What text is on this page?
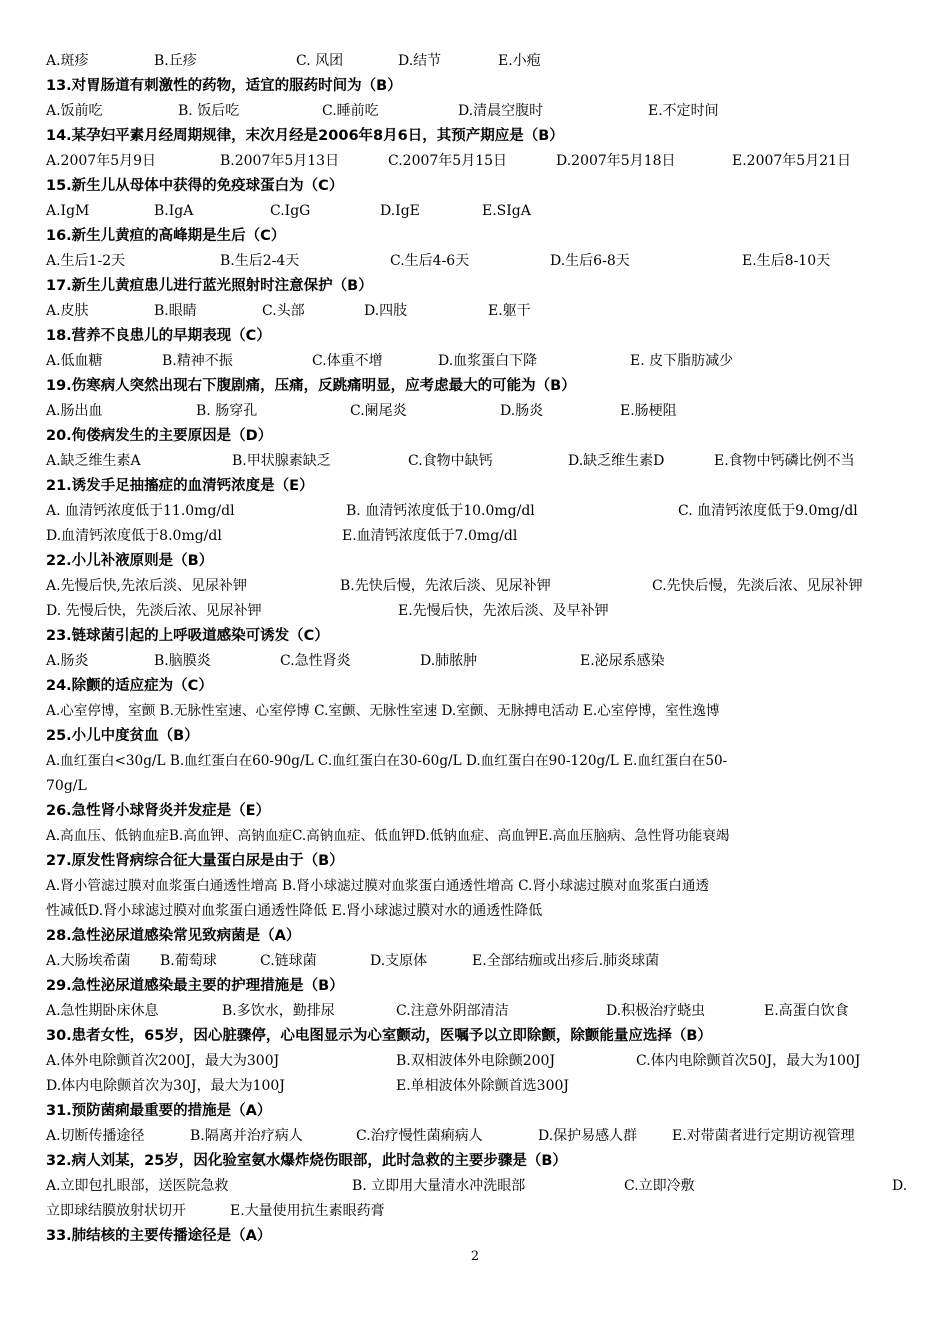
A.斑疹	B.丘疹	C. 风团	D.结节	E.小疱
13.对胃肠道有刺激性的药物，适宜的服药时间为（B）
A.饭前吃	B. 饭后吃	C.睡前吃	D.清晨空腹时	E.不定时间
14.某孕妇平素月经周期规律，末次月经是2006年8月6日，其预产期应是（B）
A.2007年5月9日	B.2007年5月13日	C.2007年5月15日	D.2007年5月18日	E.2007年5月21日
15.新生儿从母体中获得的免疫球蛋白为（C）
A.IgM	B.IgA	C.IgG	D.IgE	E.SIgA
16.新生儿黄疸的高峰期是生后（C）
A.生后1-2天	B.生后2-4天	C.生后4-6天	D.生后6-8天	E.生后8-10天
17.新生儿黄疸患儿进行蓝光照射时注意保护（B）
A.皮肤	B.眼睛	C.头部	D.四肢	E.躯干
18.营养不良患儿的早期表现（C）
A.低血糖	B.精神不振	C.体重不增	D.血浆蛋白下降	E. 皮下脂肪减少
19.伤寒病人突然出现右下腹剧痛，压痛，反跳痛明显，应考虑最大的可能为（B）
A.肠出血	B. 肠穿孔	C.阑尾炎	D.肠炎	E.肠梗阻
20.佝偻病发生的主要原因是（D）
A.缺乏维生素A	B.甲状腺素缺乏	C.食物中缺钙	D.缺乏维生素D	E.食物中钙磷比例不当
21.诱发手足抽搐症的血清钙浓度是（E）
A. 血清钙浓度低于11.0mg/dl	B. 血清钙浓度低于10.0mg/dl	C. 血清钙浓度低于9.0mg/dl
D.血清钙浓度低于8.0mg/dl	E.血清钙浓度低于7.0mg/dl
22.小儿补液原则是（B）
A.先慢后快,先浓后淡、见尿补钾	B.先快后慢，先浓后淡、见尿补钾	C.先快后慢，先淡后浓、见尿补钾
D. 先慢后快，先淡后浓、见尿补钾	E.先慢后快，先浓后淡、及早补钾
23.链球菌引起的上呼吸道感染可诱发（C）
A.肠炎	B.脑膜炎	C.急性肾炎	D.肺脓肿	E.泌尿系感染
24.除颤的适应症为（C）
A.心室停博，室颤 B.无脉性室速、心室停博 C.室颤、无脉性室速 D.室颤、无脉搏电活动 E.心室停博，室性逸博
25.小儿中度贫血（B）
A.血红蛋白<30g/L B.血红蛋白在60-90g/L C.血红蛋白在30-60g/L D.血红蛋白在90-120g/L E.血红蛋白在50-
70g/L
26.急性肾小球肾炎并发症是（E）
A.高血压、低钠血症B.高血钾、高钠血症C.高钠血症、低血钾D.低钠血症、高血钾E.高血压脑病、急性肾功能衰竭
27.原发性肾病综合征大量蛋白尿是由于（B）
A.肾小管滤过膜对血浆蛋白通透性增高 B.肾小球滤过膜对血浆蛋白通透性增高 C.肾小球滤过膜对血浆蛋白通透
性减低D.肾小球滤过膜对血浆蛋白通透性降低 E.肾小球滤过膜对水的通透性降低
28.急性泌尿道感染常见致病菌是（A）
A.大肠埃希菌 B.葡萄球	C.链球菌	D.支原体	E.全部结痂或出疹后.肺炎球菌
29.急性泌尿道感染最主要的护理措施是（B）
A.急性期卧床休息	B.多饮水，勤排尿	C.注意外阴部清洁	D.积极治疗蛲虫	E.高蛋白饮食
30.患者女性，65岁，因心脏骤停，心电图显示为心室颤动，医嘱予以立即除颤，除颤能量应选择（B）
A.体外电除颤首次200J，最大为300J	B.双相波体外电除颤200J	C.体内电除颤首次50J，最大为100J
D.体内电除颤首次为30J，最大为100J	E.单相波体外除颤首选300J
31.预防菌痢最重要的措施是（A）
A.切断传播途径	B.隔离并治疗病人	C.治疗慢性菌痢病人	D.保护易感人群 E.对带菌者进行定期访视管理
32.病人刘某，25岁，因化验室氨水爆炸烧伤眼部，此时急救的主要步骤是（B）
A.立即包扎眼部，送医院急救	B. 立即用大量清水冲洗眼部	C.立即冷敷	D.
立即球结膜放射状切开	E.大量使用抗生素眼药膏
33.肺结核的主要传播途径是（A）
2
